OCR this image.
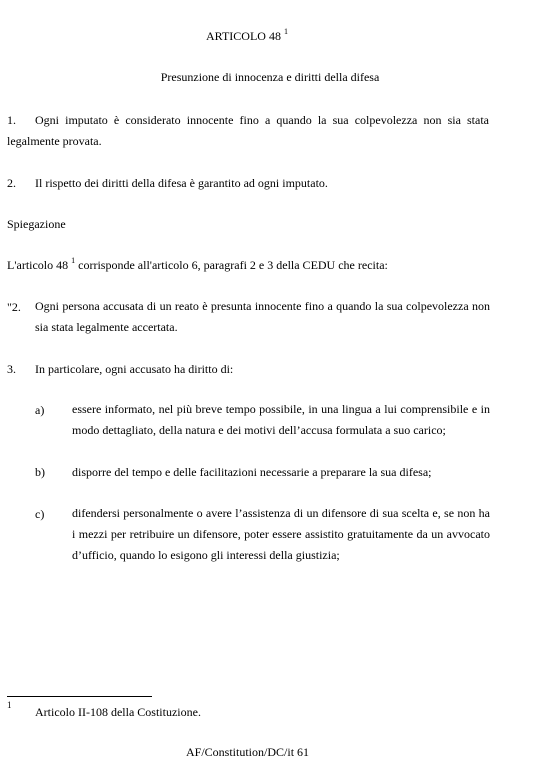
ARTICOLO 48 $^1$
Presunzione di innocenza e diritti della difesa
1.	Ogni imputato è considerato innocente fino a quando la sua colpevolezza non sia stata legalmente provata.
2. Il rispetto dei diritti della difesa è garantito ad ogni imputato.
Spiegazione
L'articolo 48 $^1$ corrisponde all'articolo 6, paragrafi 2 e 3 della CEDU che recita:
"2. Ogni persona accusata di un reato è presunta innocente fino a quando la sua colpevolezza non sia stata legalmente accertata.
3. In particolare, ogni accusato ha diritto di:
a) essere informato, nel più breve tempo possibile, in una lingua a lui comprensibile e in modo dettagliato, della natura e dei motivi dell’accusa formulata a suo carico;
b) disporre del tempo e delle facilitazioni necessarie a preparare la sua difesa;
c) difendersi personalmente o avere l’assistenza di un difensore di sua scelta e, se non ha i mezzi per retribuire un difensore, poter essere assistito gratuitamente da un avvocato d’ufficio, quando lo esigono gli interessi della giustizia;
1 Articolo II-108 della Costituzione.
AF/Constitution/DC/it 61
